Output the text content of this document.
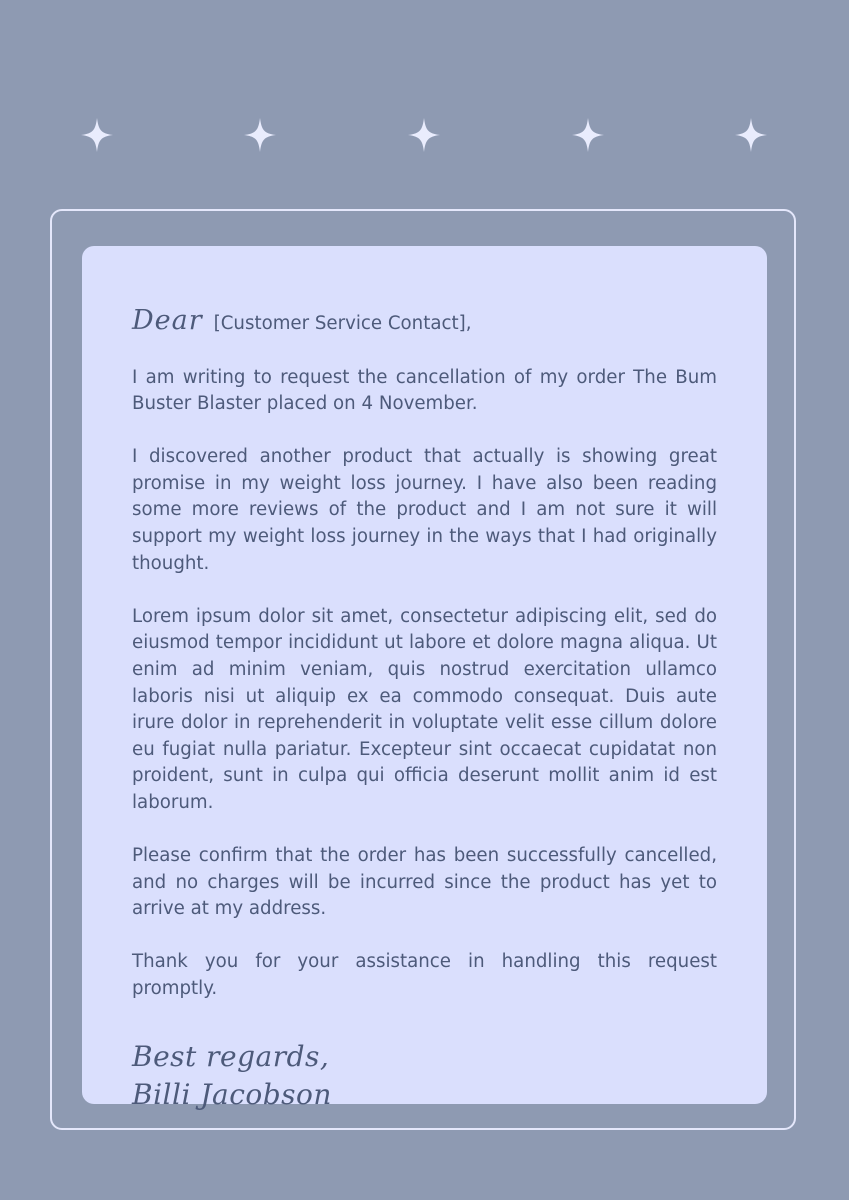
Dear [Customer Service Contact],

I am writing to request the cancellation of my order The Bum Buster Blaster placed on 4 November.

I discovered another product that actually is showing great promise in my weight loss journey. I have also been reading some more reviews of the product and I am not sure it will support my weight loss journey in the ways that I had originally thought.

Lorem ipsum dolor sit amet, consectetur adipiscing elit, sed do eiusmod tempor incididunt ut labore et dolore magna aliqua. Ut enim ad minim veniam, quis nostrud exercitation ullamco laboris nisi ut aliquip ex ea commodo consequat. Duis aute irure dolor in reprehenderit in voluptate velit esse cillum dolore eu fugiat nulla pariatur. Excepteur sint occaecat cupidatat non proident, sunt in culpa qui officia deserunt mollit anim id est laborum.

Please confirm that the order has been successfully cancelled, and no charges will be incurred since the product has yet to arrive at my address.

Thank you for your assistance in handling this request promptly.

Best regards,
Billi Jacobson
